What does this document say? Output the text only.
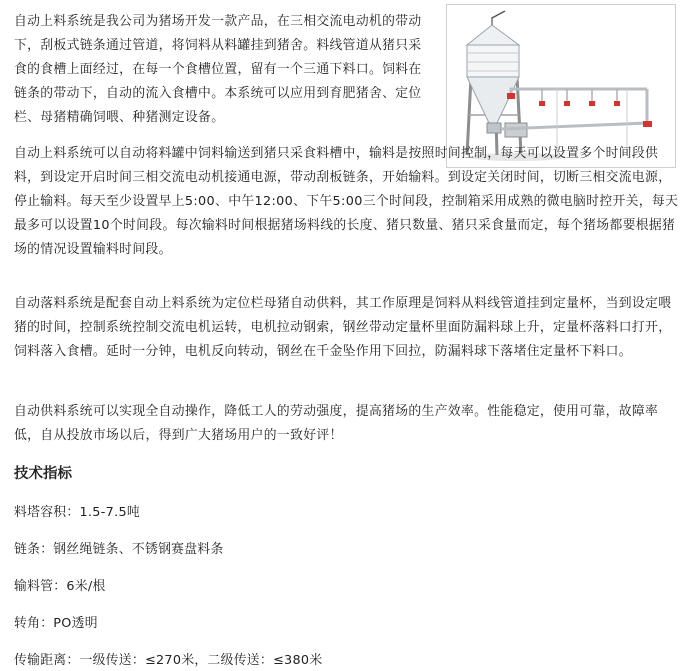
自动上料系统是我公司为猪场开发一款产品，在三相交流电动机的带动下，刮板式链条通过管道，将饲料从料罐挂到猪舍。料线管道从猪只采食的食槽上面经过，在每一个食槽位置，留有一个三通下料口。饲料在链条的带动下，自动的流入食槽中。本系统可以应用到育肥猪舍、定位栏、母猪精确饲喂、种猪测定设备。

自动上料系统可以自动将料罐中饲料输送到猪只采食料槽中，输料是按照时间控制，每天可以设置多个时间段供料，到设定开启时间三相交流电动机接通电源，带动刮板链条，开始输料。到设定关闭时间，切断三相交流电源，停止输料。每天至少设置早上5:00、中午12:00、下午5:00三个时间段，控制箱采用成熟的微电脑时控开关，每天最多可以设置10个时间段。每次输料时间根据猪场料线的长度、猪只数量、猪只采食量而定，每个猪场都要根据猪场的情况设置输料时间段。

自动落料系统是配套自动上料系统为定位栏母猪自动供料，其工作原理是饲料从料线管道挂到定量杯，当到设定喂猪的时间，控制系统控制交流电机运转，电机拉动钢索，钢丝带动定量杯里面防漏料球上升，定量杯落料口打开，饲料落入食槽。延时一分钟，电机反向转动，钢丝在千金坠作用下回拉，防漏料球下落堵住定量杯下料口。

自动供料系统可以实现全自动操作，降低工人的劳动强度，提高猪场的生产效率。性能稳定，使用可靠，故障率低，自从投放市场以后，得到广大猪场用户的一致好评！

技术指标

料塔容积：1.5-7.5吨

链条：钢丝绳链条、不锈钢赛盘料条

输料管：6米/根

转角：PO透明

传输距离：一级传送：≤270米，二级传送：≤380米
